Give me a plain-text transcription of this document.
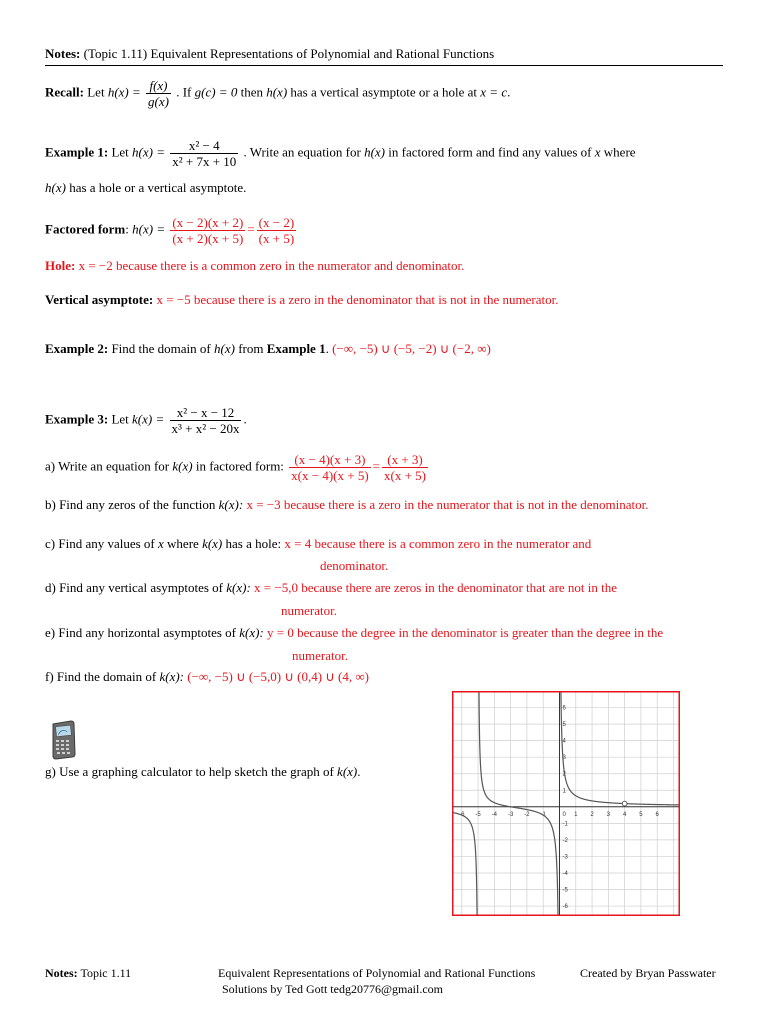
Notes: (Topic 1.11) Equivalent Representations of Polynomial and Rational Functions
Recall: Let $h(x) = \frac{f(x)}{g(x)}$ . If g(c) = 0 then h(x) has a vertical asymptote or a hole at x = c.
Example 1: Let $h(x) = \frac{\text{x² − 4}}{\text{x² + 7x + 10}}$ . Write an equation for h(x) in factored form and find any values of x where
h(x) has a hole or a vertical asymptote.
Factored form: $h(x) = \frac{(x - 2)(x + 2)}{(x + 2)(x + 5)} = \frac{(x - 2)}{(x + 5)}$
Hole: x = −2 because there is a common zero in the numerator and denominator.
Vertical asymptote: x = −5 because there is a zero in the denominator that is not in the numerator.
Example 2: Find the domain of h(x) from Example 1. (−∞, −5) ∪ (−5, −2) ∪ (−2, ∞)
Example 3: Let $k(x) = \frac{\text{x² − x − 12}}{\text{x³ + x² − 20x}}$ .
a) Write an equation for k(x) in factored form: $\frac{(x - 4)(x + 3)}{x(x - 4)(x + 5)} = \frac{(x + 3)}{x(x + 5)}$
b) Find any zeros of the function k(x): x = −3 because there is a zero in the numerator that is not in the denominator.
c) Find any values of x where k(x) has a hole: x = 4 because there is a common zero in the numerator and
denominator.
d) Find any vertical asymptotes of k(x): x = −5,0 because there are zeros in the denominator that are not in the
numerator.
e) Find any horizontal asymptotes of k(x): y = 0 because the degree in the denominator is greater than the degree in the
numerator.
f) Find the domain of k(x): (−∞, −5) ∪ (−5,0) ∪ (0,4) ∪ (4, ∞)
g) Use a graphing calculator to help sketch the graph of k(x).
-6 -5 -4 -3 -2 -1	1 2 3 4 5 6
0
6
5
4
3
2
1
-1
-2
-3
-4
-5
-6
Notes: Topic 1.11	Equivalent Representations of Polynomial and Rational Functions	Created by Bryan Passwater
Solutions by Ted Gott tedg20776@gmail.com
